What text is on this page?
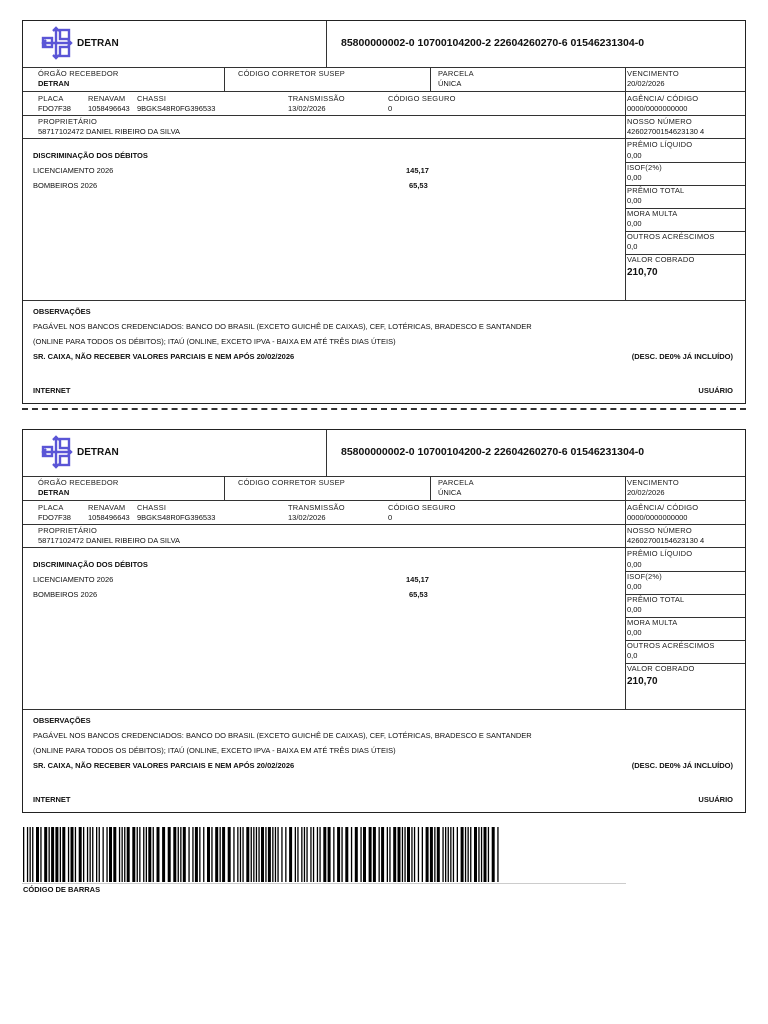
DETRAN	85800000002-0 10700104200-2 22604260270-6 01546231304-0
ÓRGÃO RECEBEDOR
DETRAN
CÓDIGO CORRETOR SUSEP	PARCELA
ÚNICA
VENCIMENTO
20/02/2026
PLACA
FDO7F38
RENAVAM
1058496643
CHASSI
9BGKS48R0FG396533
TRANSMISSÃO
13/02/2026
CÓDIGO SEGURO
0
AGÊNCIA/ CÓDIGO
0000/0000000000
PROPRIETÁRIO
58717102472 DANIEL RIBEIRO DA SILVA
NOSSO NÚMERO
42602700154623130 4
DISCRIMINAÇÃO DOS DÉBITOS
LICENCIAMENTO 2026	145,17
BOMBEIROS 2026	65,53
PRÊMIO LÍQUIDO
0,00
ISOF(2%)
0,00
PRÊMIO TOTAL
0,00
MORA MULTA
0,00
OUTROS ACRÉSCIMOS
0,0
VALOR COBRADO
210,70
OBSERVAÇÕES
PAGÁVEL NOS BANCOS CREDENCIADOS: BANCO DO BRASIL (EXCETO GUICHÊ DE CAIXAS), CEF, LOTÉRICAS, BRADESCO E SANTANDER
(ONLINE PARA TODOS OS DÉBITOS); ITAÚ (ONLINE, EXCETO IPVA - BAIXA EM ATÉ TRÊS DIAS ÚTEIS)
SR. CAIXA, NÃO RECEBER VALORES PARCIAIS E NEM APÓS 20/02/2026	(DESC. DE0% JÁ INCLUÍDO)
INTERNET	USUÁRIO
DETRAN	85800000002-0 10700104200-2 22604260270-6 01546231304-0
ÓRGÃO RECEBEDOR
DETRAN
CÓDIGO CORRETOR SUSEP	PARCELA
ÚNICA
VENCIMENTO
20/02/2026
PLACA
FDO7F38
RENAVAM
1058496643
CHASSI
9BGKS48R0FG396533
TRANSMISSÃO
13/02/2026
CÓDIGO SEGURO
0
AGÊNCIA/ CÓDIGO
0000/0000000000
PROPRIETÁRIO
58717102472 DANIEL RIBEIRO DA SILVA
NOSSO NÚMERO
42602700154623130 4
DISCRIMINAÇÃO DOS DÉBITOS
LICENCIAMENTO 2026	145,17
BOMBEIROS 2026	65,53
PRÊMIO LÍQUIDO
0,00
ISOF(2%)
0,00
PRÊMIO TOTAL
0,00
MORA MULTA
0,00
OUTROS ACRÉSCIMOS
0,0
VALOR COBRADO
210,70
OBSERVAÇÕES
PAGÁVEL NOS BANCOS CREDENCIADOS: BANCO DO BRASIL (EXCETO GUICHÊ DE CAIXAS), CEF, LOTÉRICAS, BRADESCO E SANTANDER
(ONLINE PARA TODOS OS DÉBITOS); ITAÚ (ONLINE, EXCETO IPVA - BAIXA EM ATÉ TRÊS DIAS ÚTEIS)
SR. CAIXA, NÃO RECEBER VALORES PARCIAIS E NEM APÓS 20/02/2026	(DESC. DE0% JÁ INCLUÍDO)
INTERNET	USUÁRIO
CÓDIGO DE BARRAS
